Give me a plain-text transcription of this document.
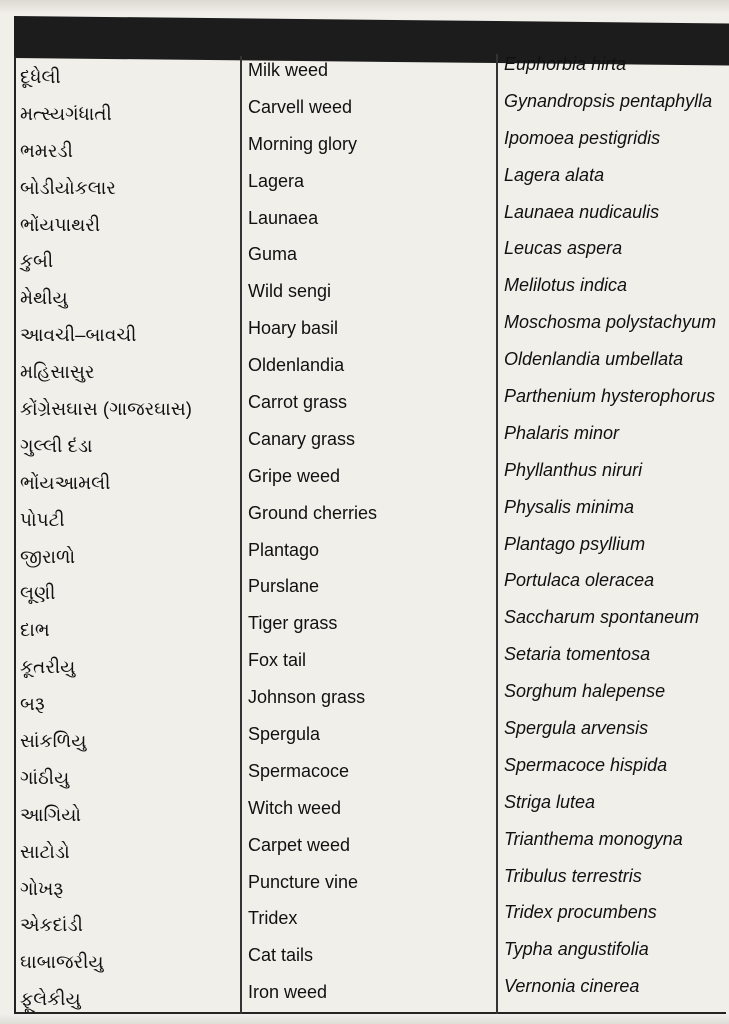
દૂધેલી	Milk weed	Euphorbia hirta
મત્સ્યગંધાતી	Carvell weed	Gynandropsis pentaphylla
ભમરડી	Morning glory	Ipomoea pestigridis
બોડીયોકલાર	Lagera	Lagera alata
ભોંયપાથરી	Launaea	Launaea nudicaulis
કુબી	Guma	Leucas aspera
મેથીયુ	Wild sengi	Melilotus indica
આવચી–બાવચી	Hoary basil	Moschosma polystachyum
મહિસાસુર	Oldenlandia	Oldenlandia umbellata
કોંગ્રેસઘાસ (ગાજરઘાસ)	Carrot grass	Parthenium hysterophorus
ગુલ્લી દંડા	Canary grass	Phalaris minor
ભોંયઆમલી	Gripe weed	Phyllanthus niruri
પોપટી	Ground cherries	Physalis minima
જીરાળો	Plantago	Plantago psyllium
લૂણી	Purslane	Portulaca oleracea
દાભ	Tiger grass	Saccharum spontaneum
કૂતરીયુ	Fox tail	Setaria tomentosa
બરૂ	Johnson grass	Sorghum halepense
સાંકળિયુ	Spergula	Spergula arvensis
ગાંઠીયુ	Spermacoce	Spermacoce hispida
આગિયો	Witch weed	Striga lutea
સાટોડો	Carpet weed	Trianthema monogyna
ગોખરૂ	Puncture vine	Tribulus terrestris
એકદાંડી	Tridex	Tridex procumbens
ઘાબાજરીયુ	Cat tails	Typha angustifolia
ફૂલેકીયુ	Iron weed	Vernonia cinerea
